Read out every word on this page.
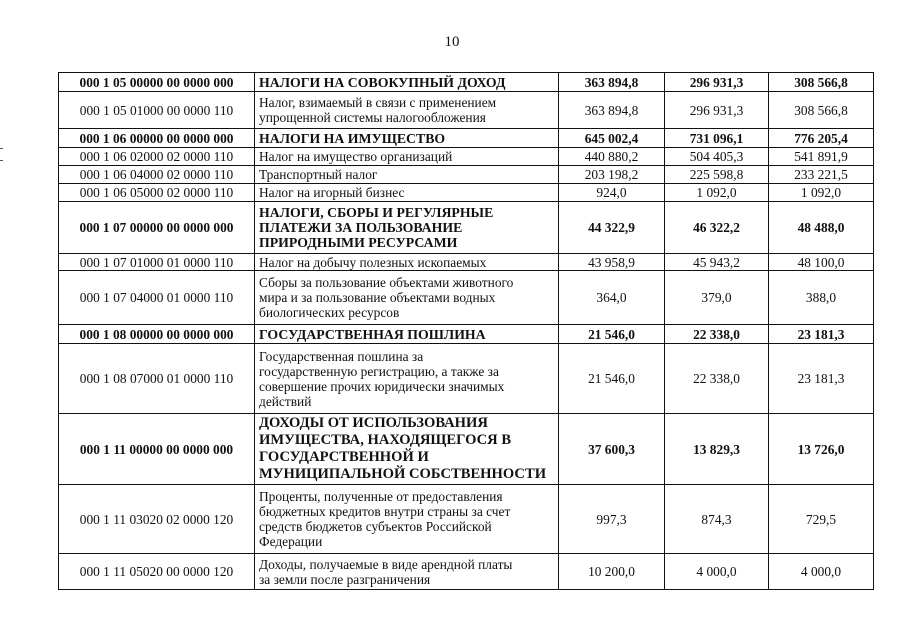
10
000 1 05 00000 00 0000 000	НАЛОГИ НА СОВОКУПНЫЙ ДОХОД	363 894,8	296 931,3	308 566,8
000 1 05 01000 00 0000 110	Налог, взимаемый в связи с применением
упрощенной системы налогообложения	363 894,8	296 931,3	308 566,8
000 1 06 00000 00 0000 000	НАЛОГИ НА ИМУЩЕСТВО	645 002,4	731 096,1	776 205,4
000 1 06 02000 02 0000 110	Налог на имущество организаций	440 880,2	504 405,3	541 891,9
000 1 06 04000 02 0000 110	Транспортный налог	203 198,2	225 598,8	233 221,5
000 1 06 05000 02 0000 110	Налог на игорный бизнес	924,0	1 092,0	1 092,0
000 1 07 00000 00 0000 000	НАЛОГИ, СБОРЫ И РЕГУЛЯРНЫЕ
ПЛАТЕЖИ ЗА ПОЛЬЗОВАНИЕ
ПРИРОДНЫМИ РЕСУРСАМИ	44 322,9	46 322,2	48 488,0
000 1 07 01000 01 0000 110	Налог на добычу полезных ископаемых	43 958,9	45 943,2	48 100,0
000 1 07 04000 01 0000 110	Сборы за пользование объектами животного
мира и за пользование объектами водных
биологических ресурсов	364,0	379,0	388,0
000 1 08 00000 00 0000 000	ГОСУДАРСТВЕННАЯ ПОШЛИНА	21 546,0	22 338,0	23 181,3
000 1 08 07000 01 0000 110	Государственная пошлина за
государственную регистрацию, а также за
совершение прочих юридически значимых
действий	21 546,0	22 338,0	23 181,3
000 1 11 00000 00 0000 000	ДОХОДЫ ОТ ИСПОЛЬЗОВАНИЯ
ИМУЩЕСТВА, НАХОДЯЩЕГОСЯ В
ГОСУДАРСТВЕННОЙ И
МУНИЦИПАЛЬНОЙ СОБСТВЕННОСТИ	37 600,3	13 829,3	13 726,0
000 1 11 03020 02 0000 120	Проценты, полученные от предоставления
бюджетных кредитов внутри страны за счет
средств бюджетов субъектов Российской
Федерации	997,3	874,3	729,5
000 1 11 05020 00 0000 120	Доходы, получаемые в виде арендной платы
за земли после разграничения	10 200,0	4 000,0	4 000,0
